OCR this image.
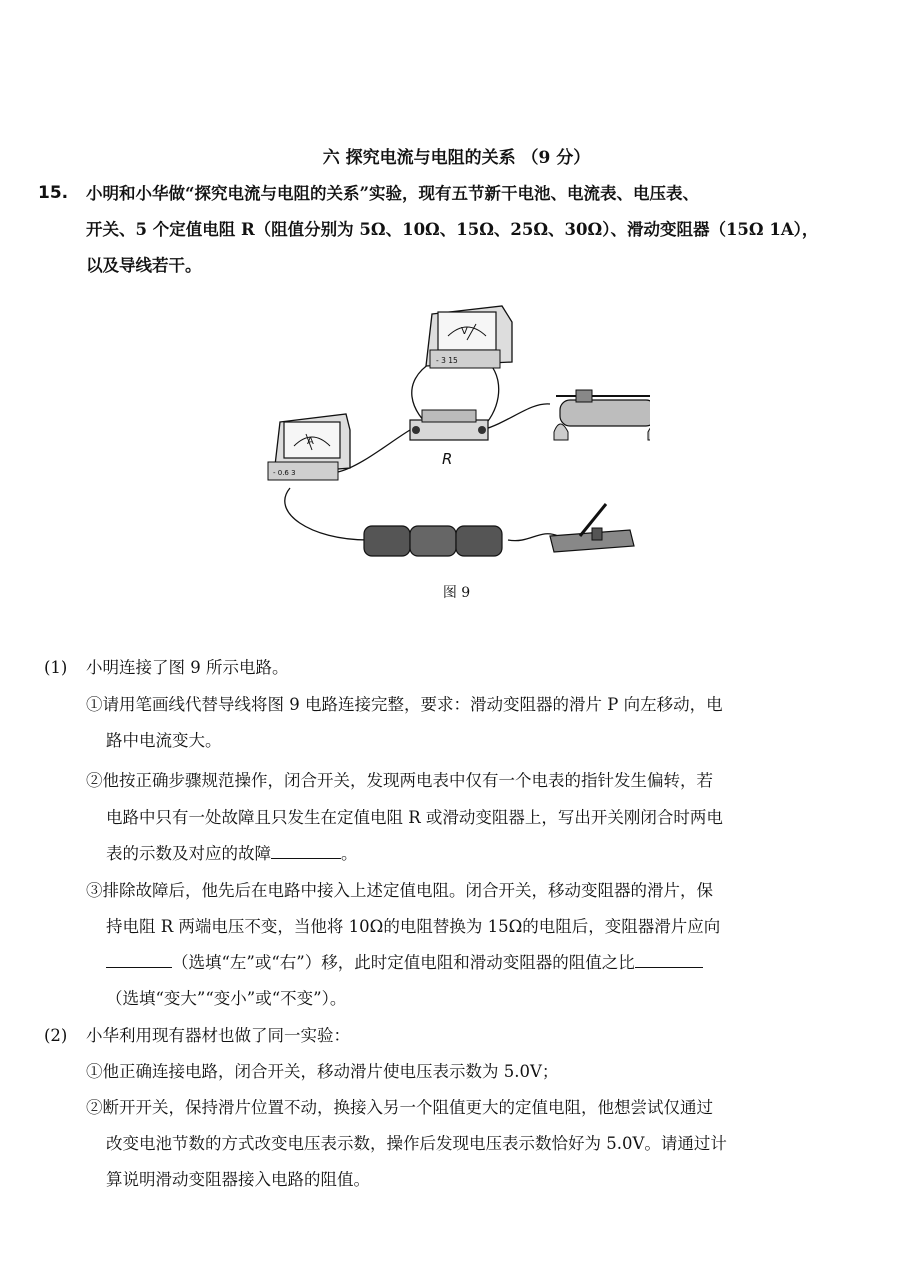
六 探究电流与电阻的关系 （9 分）
15. 小明和小华做“探究电流与电阻的关系”实验，现有五节新干电池、电流表、电压表、
开关、5 个定值电阻 R（阻值分别为 5Ω、10Ω、15Ω、25Ω、30Ω）、滑动变阻器（15Ω 1A），
以及导线若干。
V
- 3 15
A
- 0.6 3
R
图 9
(1) 小明连接了图 9 所示电路。
①请用笔画线代替导线将图 9 电路连接完整，要求：滑动变阻器的滑片 P 向左移动，电
路中电流变大。
②他按正确步骤规范操作，闭合开关，发现两电表中仅有一个电表的指针发生偏转，若
电路中只有一处故障且只发生在定值电阻 R 或滑动变阻器上，写出开关刚闭合时两电
表的示数及对应的故障	。
③排除故障后，他先后在电路中接入上述定值电阻。闭合开关，移动变阻器的滑片，保
持电阻 R 两端电压不变，当他将 10Ω的电阻替换为 15Ω的电阻后，变阻器滑片应向
（选填“左”或“右”）移，此时定值电阻和滑动变阻器的阻值之比
（选填“变大”“变小”或“不变”）。
(2) 小华利用现有器材也做了同一实验：
①他正确连接电路，闭合开关，移动滑片使电压表示数为 5.0V；
②断开开关，保持滑片位置不动，换接入另一个阻值更大的定值电阻，他想尝试仅通过
改变电池节数的方式改变电压表示数，操作后发现电压表示数恰好为 5.0V。请通过计
算说明滑动变阻器接入电路的阻值。
